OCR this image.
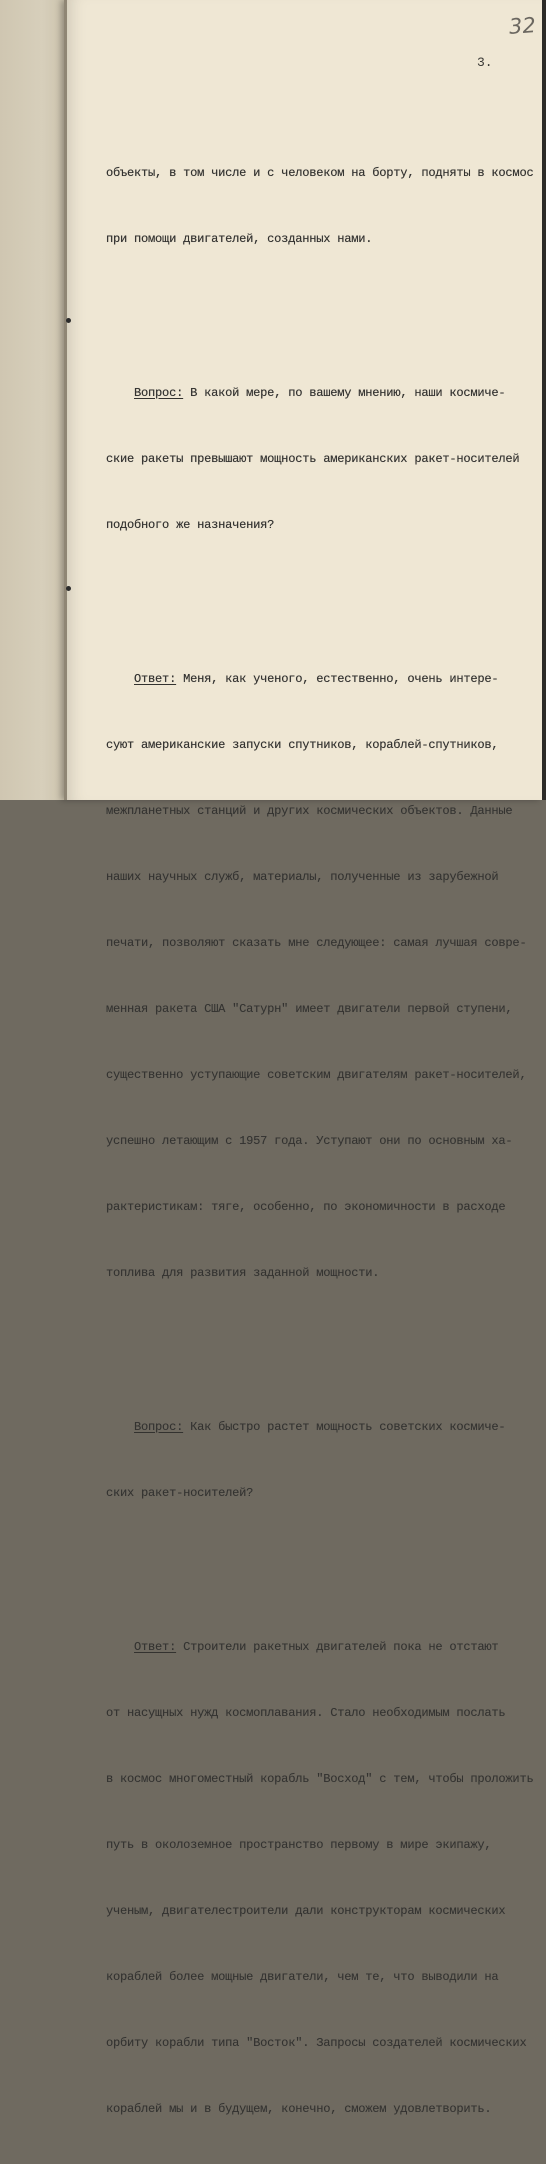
32
3.

объекты, в том числе и с человеком на борту, подняты в космос

при помощи двигателей, созданных нами.

Вопрос: В какой мере, по вашему мнению, наши космиче-

ские ракеты превышают мощность американских ракет-носителей

подобного же назначения?

Ответ: Меня, как ученого, естественно, очень интере-

суют американские запуски спутников, кораблей-спутников,

межпланетных станций и других космических объектов. Данные

наших научных служб, материалы, полученные из зарубежной

печати, позволяют сказать мне следующее: самая лучшая совре-

менная ракета США "Сатурн" имеет двигатели первой ступени,

существенно уступающие советским двигателям ракет-носителей,

успешно летающим с 1957 года. Уступают они по основным ха-

рактеристикам: тяге, особенно, по экономичности в расходе

топлива для развития заданной мощности.

Вопрос: Как быстро растет мощность советских космиче-

ских ракет-носителей?

Ответ: Строители ракетных двигателей пока не отстают

от насущных нужд космоплавания. Стало необходимым послать

в космос многоместный корабль "Восход" с тем, чтобы проложить

путь в околоземное пространство первому в мире экипажу,

ученым, двигателестроители дали конструкторам космических

кораблей более мощные двигатели, чем те, что выводили на

орбиту корабли типа "Восток". Запросы создателей космических

кораблей мы и в будущем, конечно, сможем удовлетворить.
